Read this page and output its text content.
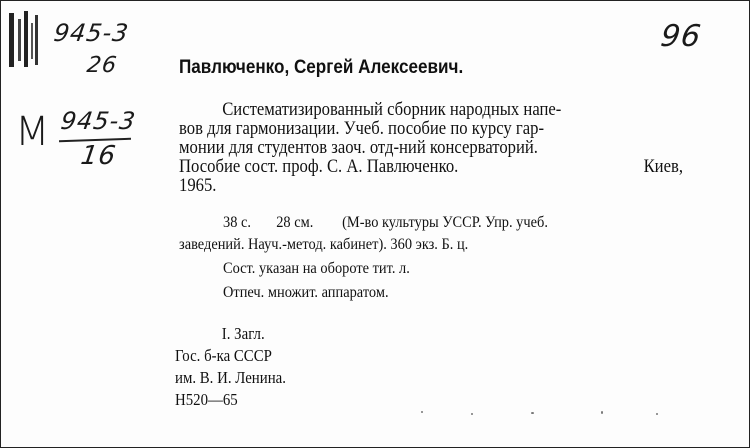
945-3
26
М 945-3
16
96
Павлюченко, Сергей Алексеевич.
Систематизированный сборник народных напе-
вов для гармонизации. Учеб. пособие по курсу гар-
монии для студентов заоч. отд-ний консерваторий.
Пособие сост. проф. С. А. Павлюченко.	Киев,
1965.
38 с.       28 см.        (М-во культуры УССР. Упр. учеб.
заведений. Науч.-метод. кабинет). 360 экз. Б. ц.
Сост. указан на обороте тит. л.
Отпеч. множит. аппаратом.
I. Загл.
Гос. б-ка СССР
им. В. И. Ленина.
Н520—65
